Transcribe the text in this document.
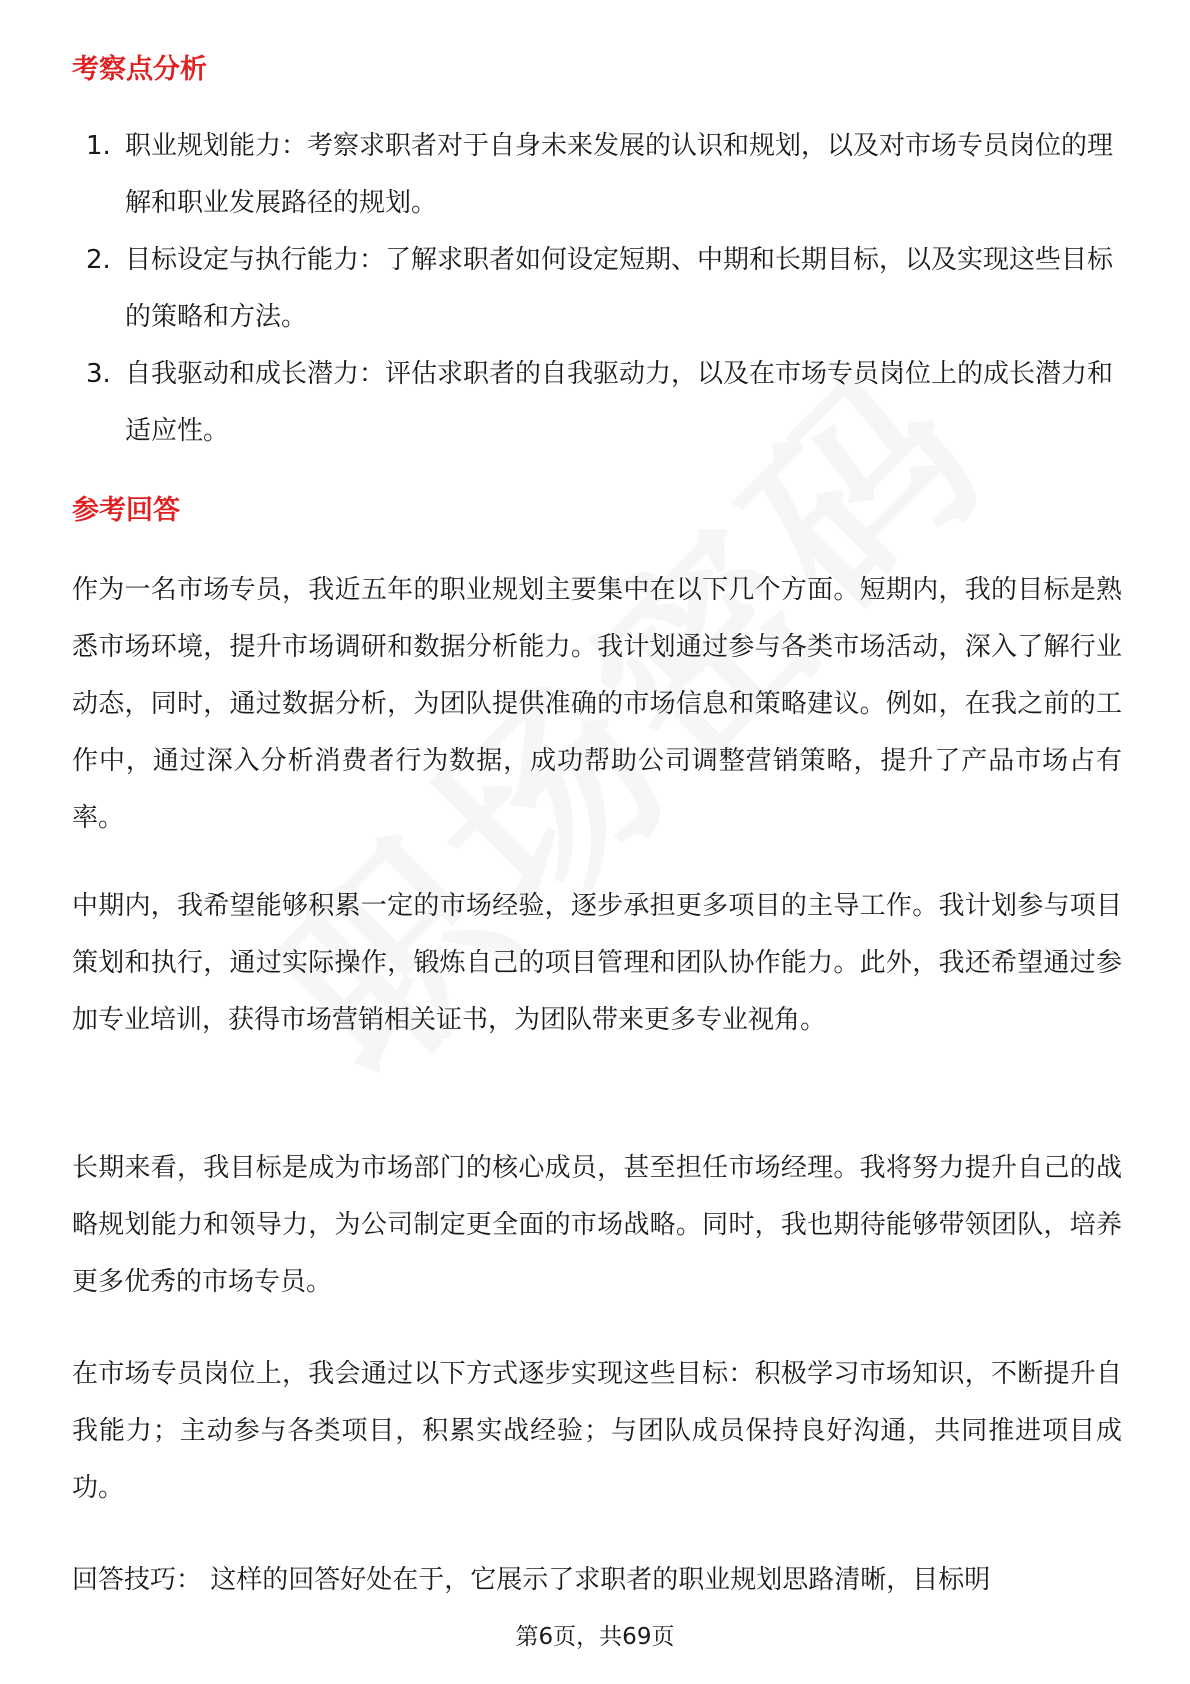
考察点分析
1. 职业规划能力：考察求职者对于自身未来发展的认识和规划，以及对市场专员岗位的理解和职业发展路径的规划。
2. 目标设定与执行能力：了解求职者如何设定短期、中期和长期目标，以及实现这些目标的策略和方法。
3. 自我驱动和成长潜力：评估求职者的自我驱动力，以及在市场专员岗位上的成长潜力和适应性。
参考回答

作为一名市场专员，我近五年的职业规划主要集中在以下几个方面。短期内，我的目标是熟悉市场环境，提升市场调研和数据分析能力。我计划通过参与各类市场活动，深入了解行业动态，同时，通过数据分析，为团队提供准确的市场信息和策略建议。例如，在我之前的工作中，通过深入分析消费者行为数据，成功帮助公司调整营销策略，提升了产品市场占有率。

中期内，我希望能够积累一定的市场经验，逐步承担更多项目的主导工作。我计划参与项目策划和执行，通过实际操作，锻炼自己的项目管理和团队协作能力。此外，我还希望通过参加专业培训，获得市场营销相关证书，为团队带来更多专业视角。

长期来看，我目标是成为市场部门的核心成员，甚至担任市场经理。我将努力提升自己的战略规划能力和领导力，为公司制定更全面的市场战略。同时，我也期待能够带领团队，培养更多优秀的市场专员。

在市场专员岗位上，我会通过以下方式逐步实现这些目标：积极学习市场知识，不断提升自我能力；主动参与各类项目，积累实战经验；与团队成员保持良好沟通，共同推进项目成功。

回答技巧： 这样的回答好处在于，它展示了求职者的职业规划思路清晰，目标明

第6页，共69页
